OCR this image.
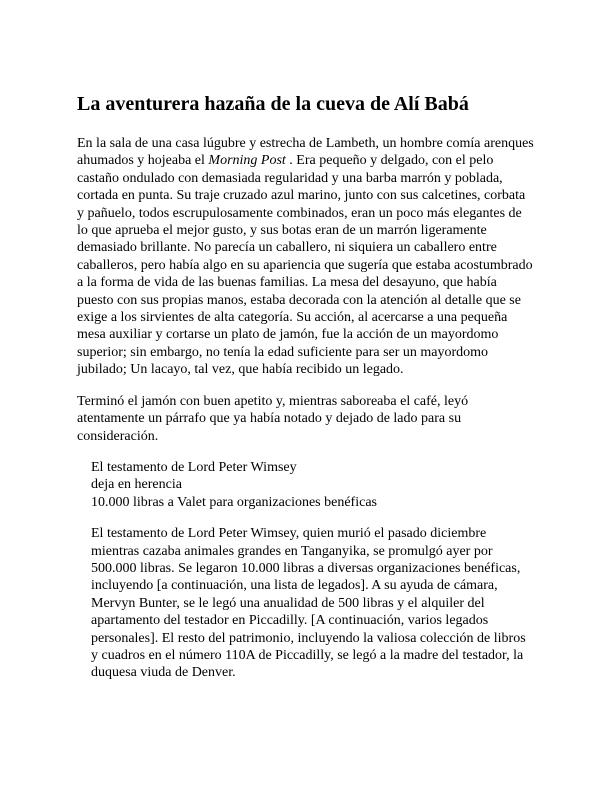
La aventurera hazaña de la cueva de Alí Babá

En la sala de una casa lúgubre y estrecha de Lambeth, un hombre comía arenques ahumados y hojeaba el Morning Post . Era pequeño y delgado, con el pelo castaño ondulado con demasiada regularidad y una barba marrón y poblada, cortada en punta. Su traje cruzado azul marino, junto con sus calcetines, corbata y pañuelo, todos escrupulosamente combinados, eran un poco más elegantes de lo que aprueba el mejor gusto, y sus botas eran de un marrón ligeramente demasiado brillante. No parecía un caballero, ni siquiera un caballero entre caballeros, pero había algo en su apariencia que sugería que estaba acostumbrado a la forma de vida de las buenas familias. La mesa del desayuno, que había puesto con sus propias manos, estaba decorada con la atención al detalle que se exige a los sirvientes de alta categoría. Su acción, al acercarse a una pequeña mesa auxiliar y cortarse un plato de jamón, fue la acción de un mayordomo superior; sin embargo, no tenía la edad suficiente para ser un mayordomo jubilado; Un lacayo, tal vez, que había recibido un legado.

Terminó el jamón con buen apetito y, mientras saboreaba el café, leyó atentamente un párrafo que ya había notado y dejado de lado para su consideración.

El testamento de Lord Peter Wimsey
deja en herencia
10.000 libras a Valet para organizaciones benéficas

El testamento de Lord Peter Wimsey, quien murió el pasado diciembre mientras cazaba animales grandes en Tanganyika, se promulgó ayer por 500.000 libras. Se legaron 10.000 libras a diversas organizaciones benéficas, incluyendo [a continuación, una lista de legados]. A su ayuda de cámara, Mervyn Bunter, se le legó una anualidad de 500 libras y el alquiler del apartamento del testador en Piccadilly. [A continuación, varios legados personales]. El resto del patrimonio, incluyendo la valiosa colección de libros y cuadros en el número 110A de Piccadilly, se legó a la madre del testador, la duquesa viuda de Denver.
